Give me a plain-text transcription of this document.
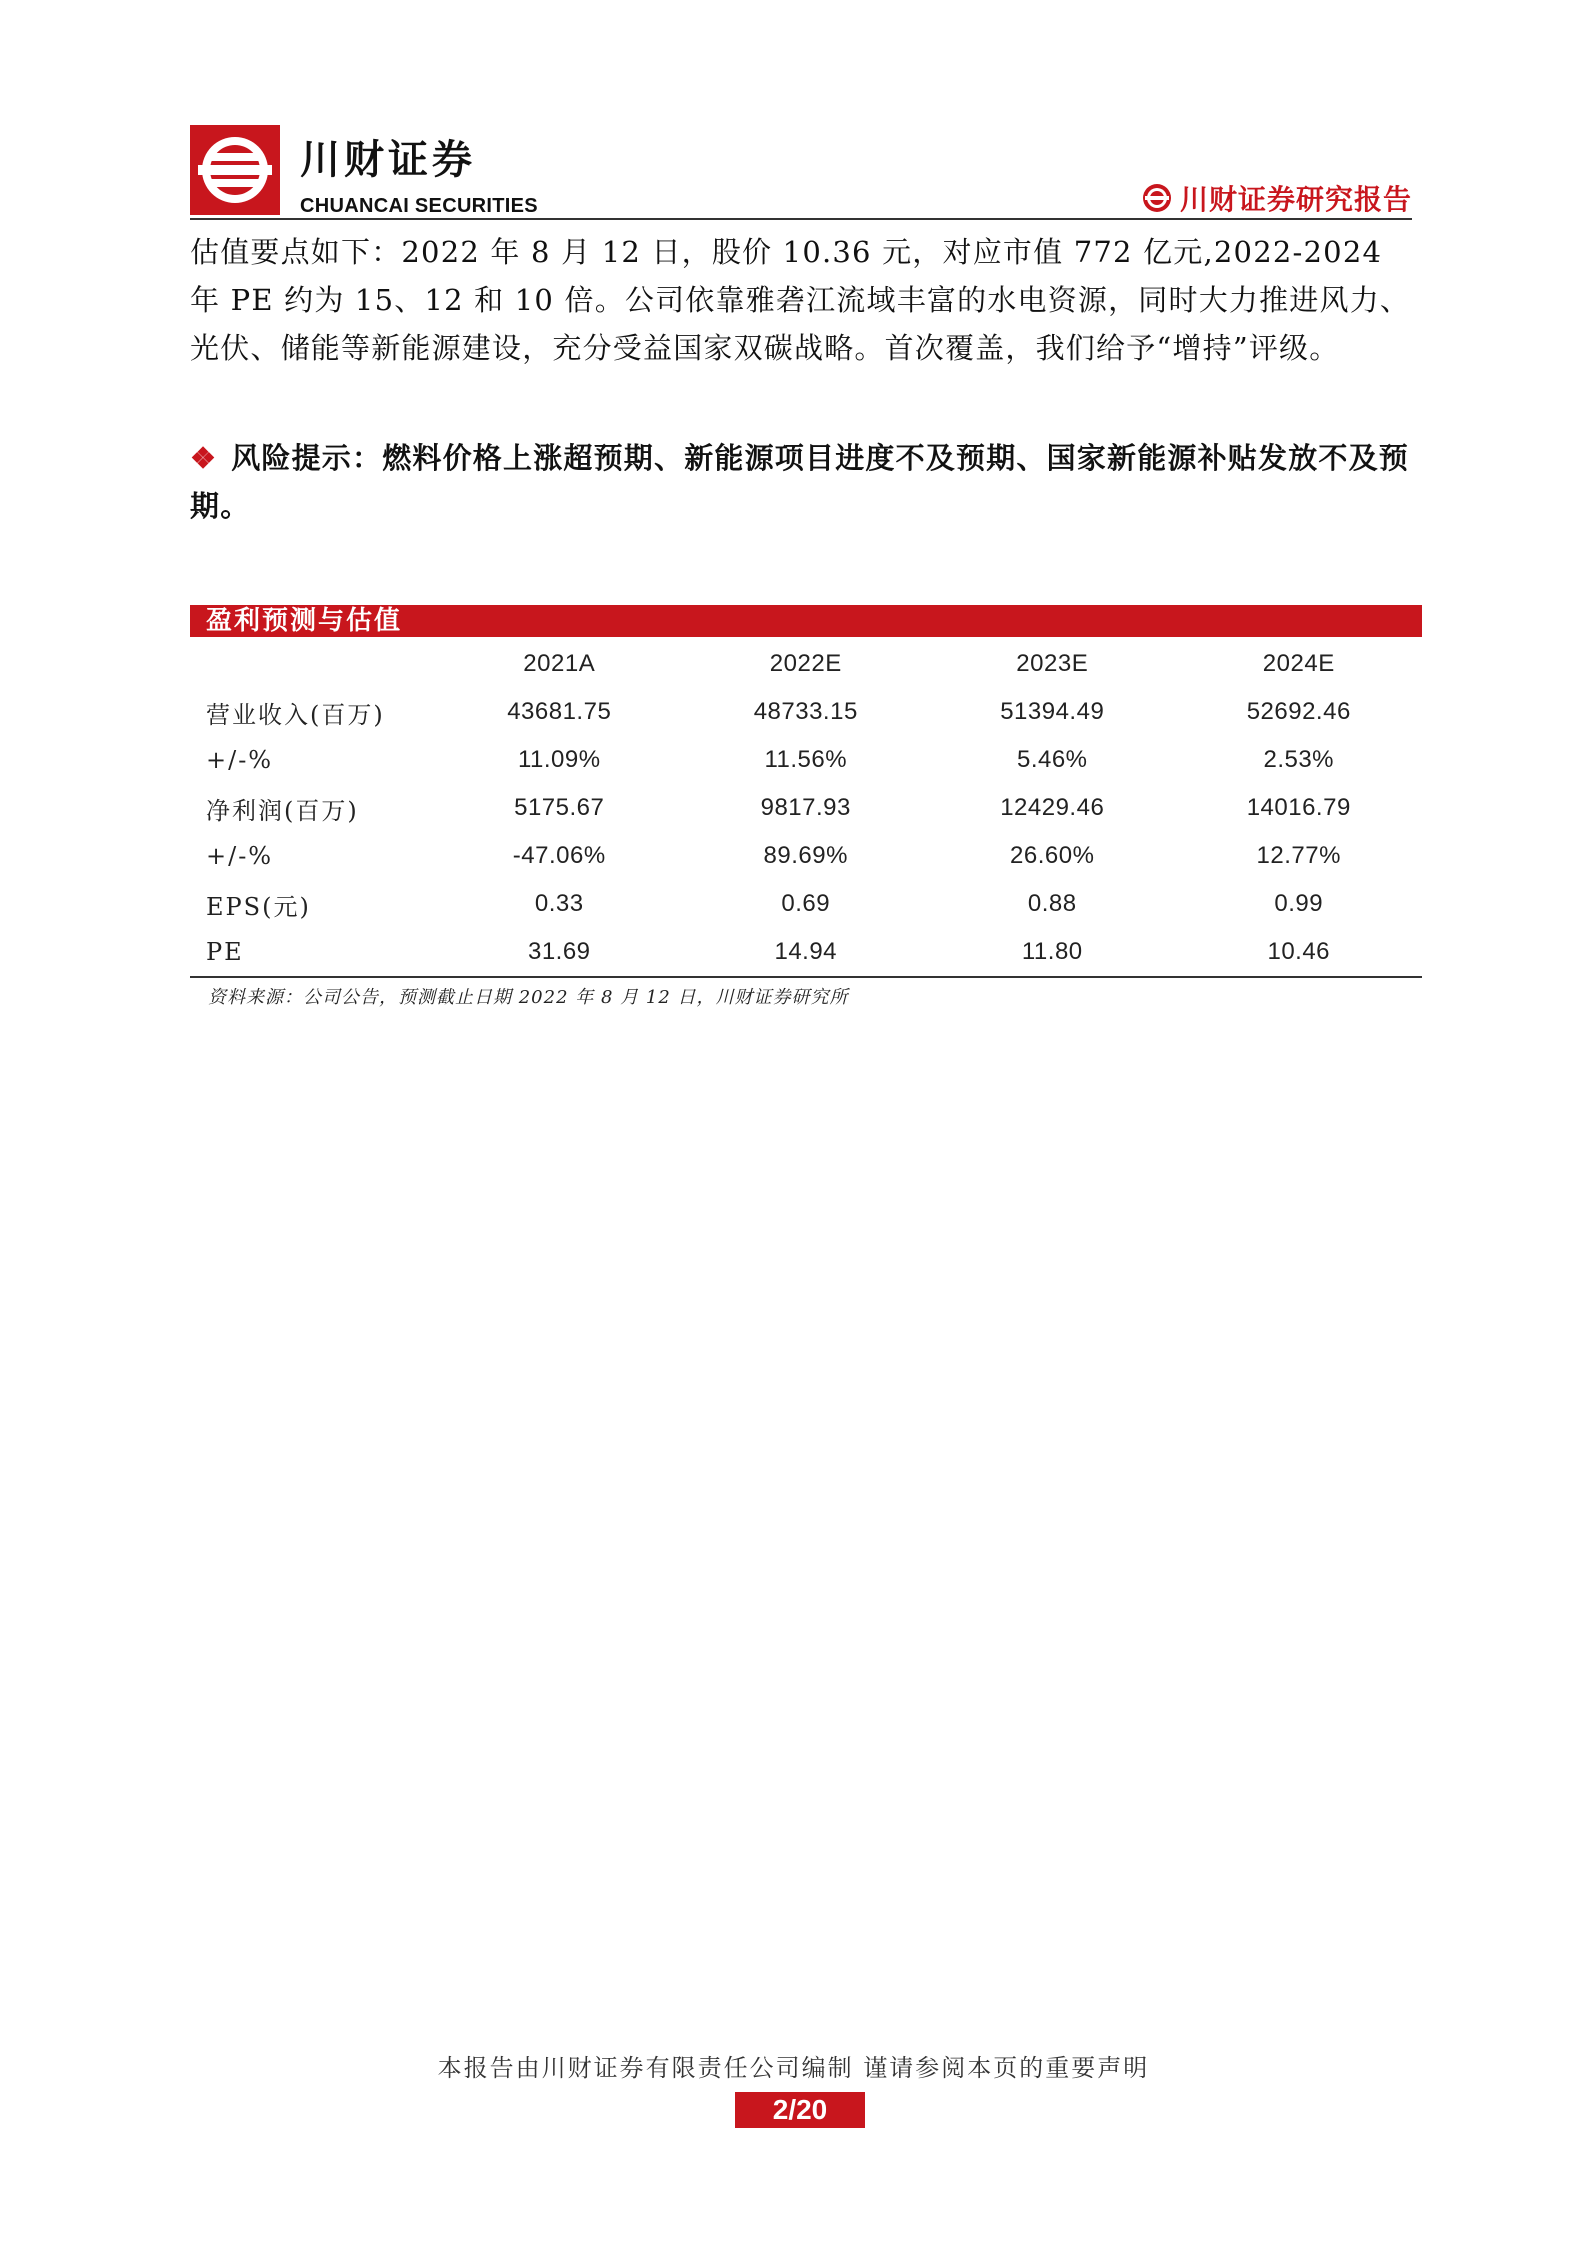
川财证券
CHUANCAI SECURITIES	川财证券研究报告
估值要点如下：2022 年 8 月 12 日，股价 10.36 元，对应市值 772 亿元,2022-2024 年 PE 约为 15、12 和 10 倍。公司依靠雅砻江流域丰富的水电资源，同时大力推进风力、光伏、储能等新能源建设，充分受益国家双碳战略。首次覆盖，我们给予“增持”评级。
❖ 风险提示：燃料价格上涨超预期、新能源项目进度不及预期、国家新能源补贴发放不及预期。
盈利预测与估值
	2021A	2022E	2023E	2024E
营业收入(百万)	43681.75	48733.15	51394.49	52692.46
+/-%	11.09%	11.56%	5.46%	2.53%
净利润(百万)	5175.67	9817.93	12429.46	14016.79
+/-%	-47.06%	89.69%	26.60%	12.77%
EPS(元)	0.33	0.69	0.88	0.99
PE	31.69	14.94	11.80	10.46
资料来源：公司公告，预测截止日期 2022 年 8 月 12 日，川财证券研究所
本报告由川财证券有限责任公司编制 谨请参阅本页的重要声明
2/20
